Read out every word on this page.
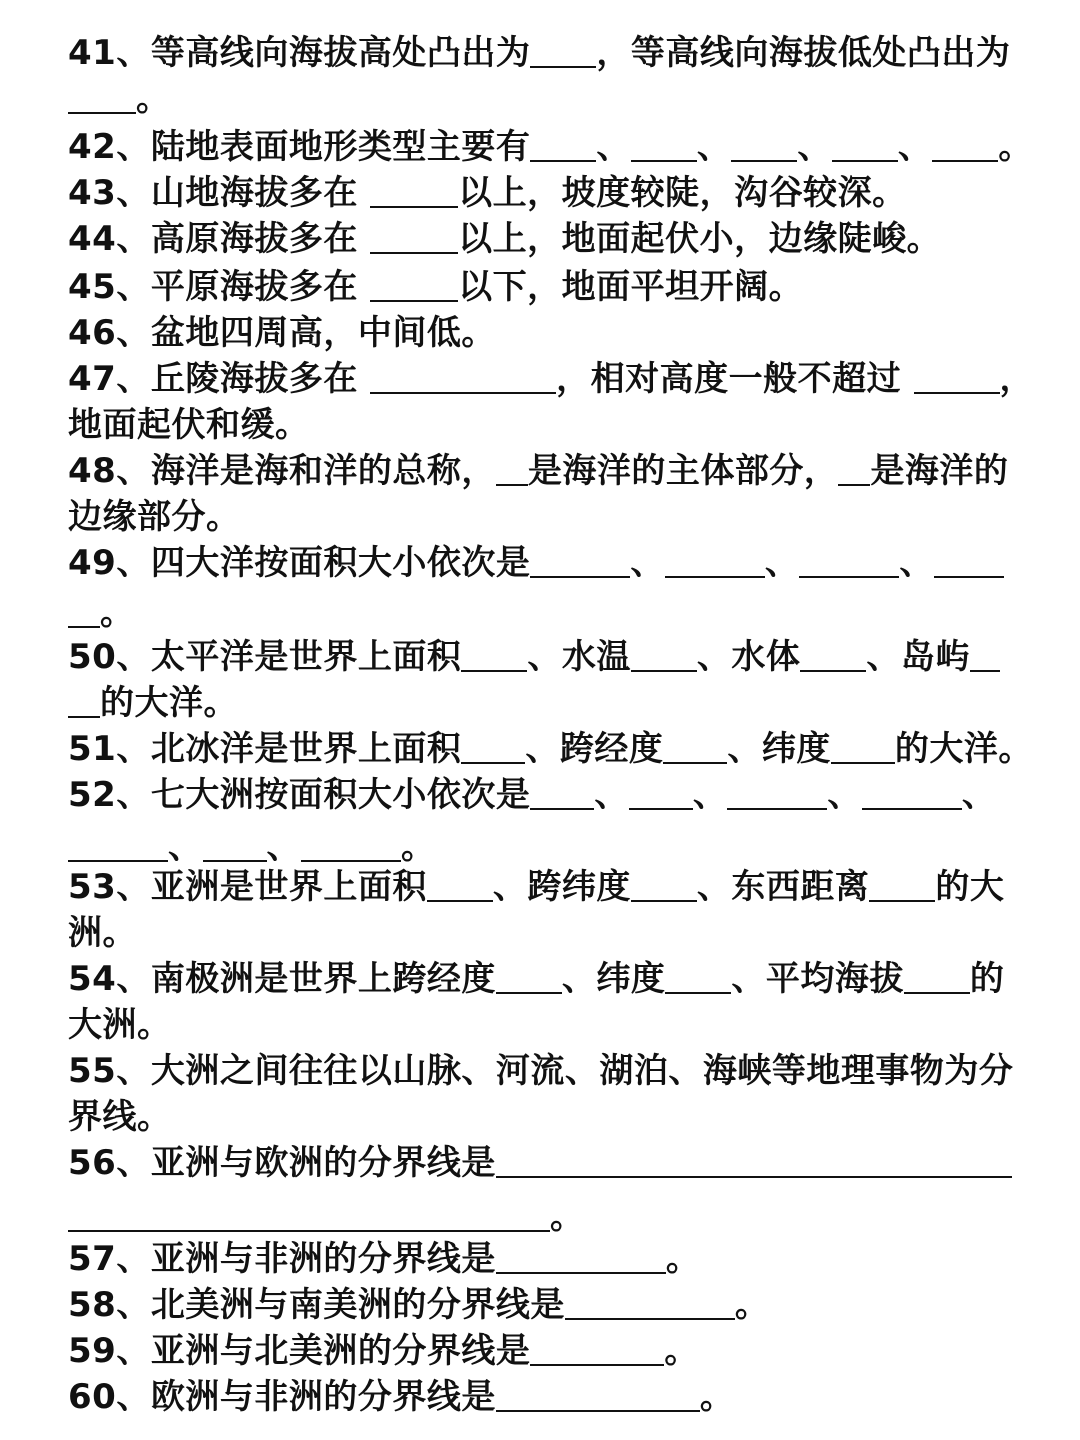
41、等高线向海拔高处凸出为 ，等高线向海拔低处凸出为
。
42、陆地表面地形类型主要有 、 、 、 、 。
43、山地海拔多在	以上，坡度较陡，沟谷较深。
44、高原海拔多在	以上，地面起伏小，边缘陡峻。
45、平原海拔多在	以下，地面平坦开阔。
46、盆地四周高，中间低。
47、丘陵海拔多在	，相对高度一般不超过	，
地面起伏和缓。
48、海洋是海和洋的总称， 是海洋的主体部分， 是海洋的
边缘部分。
49、四大洋按面积大小依次是	、	、	、
。
50、太平洋是世界上面积 、水温 、水体 、岛屿
的大洋。
51、北冰洋是世界上面积 、跨经度 、纬度 的大洋。
52、七大洲按面积大小依次是 、 、	、	、
、 、	。
53、亚洲是世界上面积 、跨纬度 、东西距离 的大
洲。
54、南极洲是世界上跨经度 、纬度 、平均海拔 的
大洲。
55、大洲之间往往以山脉、河流、湖泊、海峡等地理事物为分
界线。
56、亚洲与欧洲的分界线是
。
57、亚洲与非洲的分界线是	。
58、北美洲与南美洲的分界线是	。
59、亚洲与北美洲的分界线是	。
60、欧洲与非洲的分界线是	。
